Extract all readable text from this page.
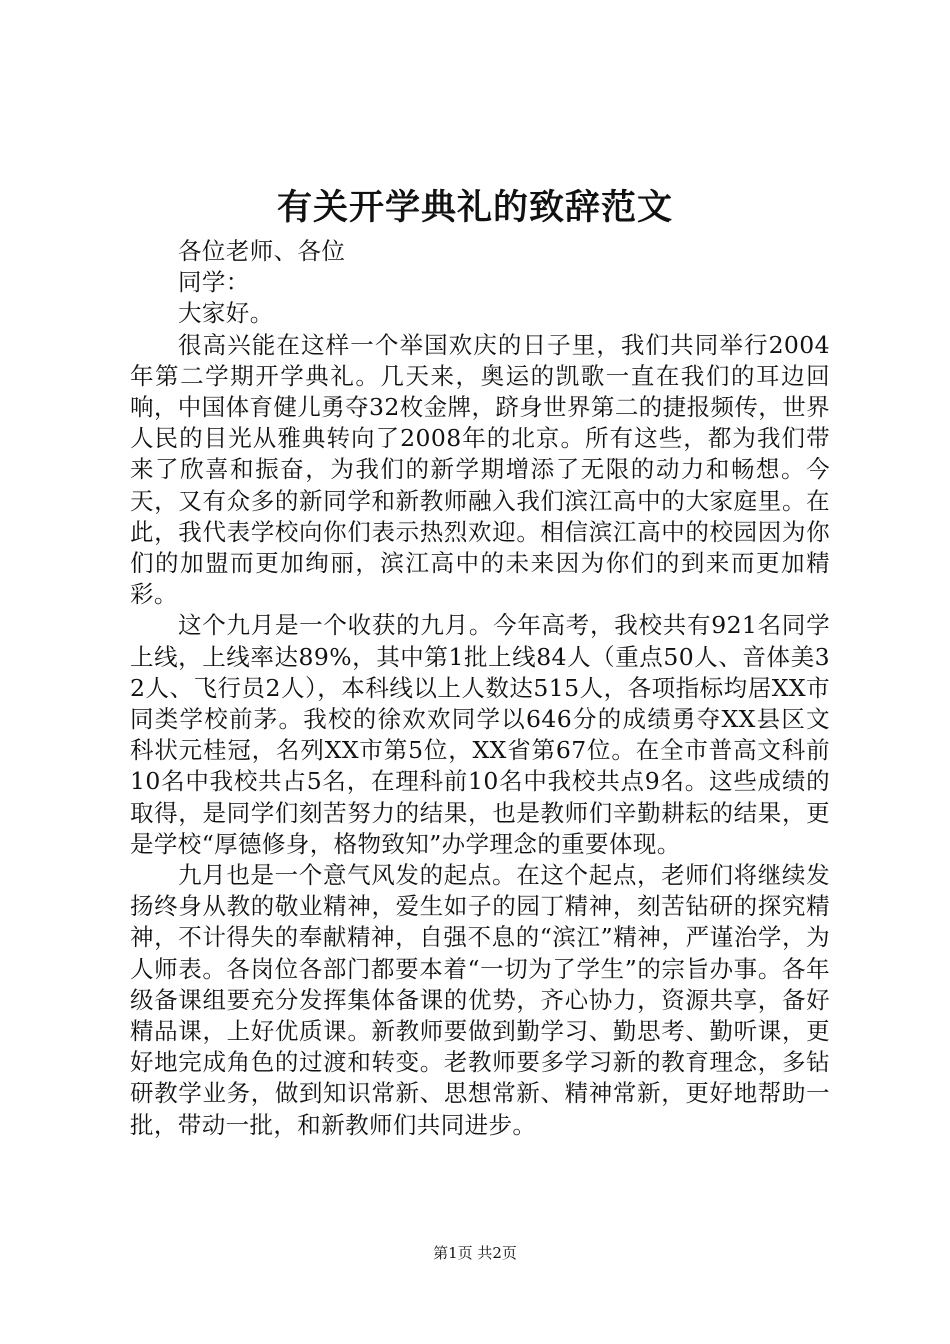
有关开学典礼的致辞范文

各位老师、各位

同学：

大家好。

很高兴能在这样一个举国欢庆的日子里，我们共同举行2004年第二学期开学典礼。几天来，奥运的凯歌一直在我们的耳边回响，中国体育健儿勇夺32枚金牌，跻身世界第二的捷报频传，世界人民的目光从雅典转向了2008年的北京。所有这些，都为我们带来了欣喜和振奋，为我们的新学期增添了无限的动力和畅想。今天，又有众多的新同学和新教师融入我们滨江高中的大家庭里。在此，我代表学校向你们表示热烈欢迎。相信滨江高中的校园因为你们的加盟而更加绚丽，滨江高中的未来因为你们的到来而更加精彩。

这个九月是一个收获的九月。今年高考，我校共有921名同学上线，上线率达89%，其中第1批上线84人（重点50人、音体美32人、飞行员2人），本科线以上人数达515人，各项指标均居XX市同类学校前茅。我校的徐欢欢同学以646分的成绩勇夺XX县区文科状元桂冠，名列XX市第5位，XX省第67位。在全市普高文科前10名中我校共占5名，在理科前10名中我校共点9名。这些成绩的取得，是同学们刻苦努力的结果，也是教师们辛勤耕耘的结果，更是学校“厚德修身，格物致知”办学理念的重要体现。

九月也是一个意气风发的起点。在这个起点，老师们将继续发扬终身从教的敬业精神，爱生如子的园丁精神，刻苦钻研的探究精神，不计得失的奉献精神，自强不息的“滨江”精神，严谨治学，为人师表。各岗位各部门都要本着“一切为了学生”的宗旨办事。各年级备课组要充分发挥集体备课的优势，齐心协力，资源共享，备好精品课，上好优质课。新教师要做到勤学习、勤思考、勤听课，更好地完成角色的过渡和转变。老教师要多学习新的教育理念，多钻研教学业务，做到知识常新、思想常新、精神常新，更好地帮助一批，带动一批，和新教师们共同进步。

第1页 共2页
